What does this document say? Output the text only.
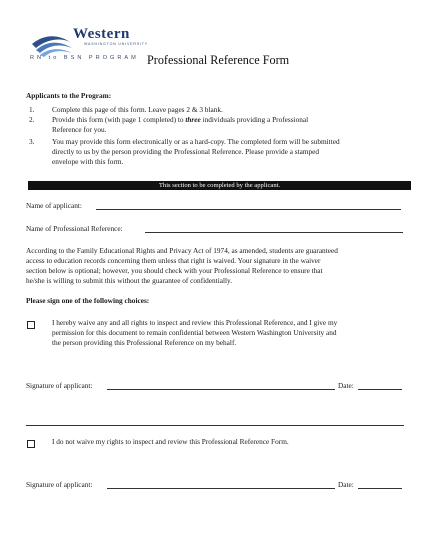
Western
WASHINGTON UNIVERSITY
RN to BSN PROGRAM Professional Reference Form
Applicants to the Program:
1. Complete this page of this form. Leave pages 2 & 3 blank.
2. Provide this form (with page 1 completed) to three individuals providing a Professional
Reference for you.
3. You may provide this form electronically or as a hard-copy. The completed form will be submitted
directly to us by the person providing the Professional Reference. Please provide a stamped
envelope with this form.
This section to be completed by the applicant.
Name of applicant:
Name of Professional Reference:
According to the Family Educational Rights and Privacy Act of 1974, as amended, students are guaranteed
access to education records concerning them unless that right is waived. Your signature in the waiver
section below is optional; however, you should check with your Professional Reference to ensure that
he/she is willing to submit this without the guarantee of confidentially.
Please sign one of the following choices:
I hereby waive any and all rights to inspect and review this Professional Reference, and I give my
permission for this document to remain confidential between Western Washington University and
the person providing this Professional Reference on my behalf.
Signature of applicant:	Date:
I do not waive my rights to inspect and review this Professional Reference Form.
Signature of applicant:	Date:
